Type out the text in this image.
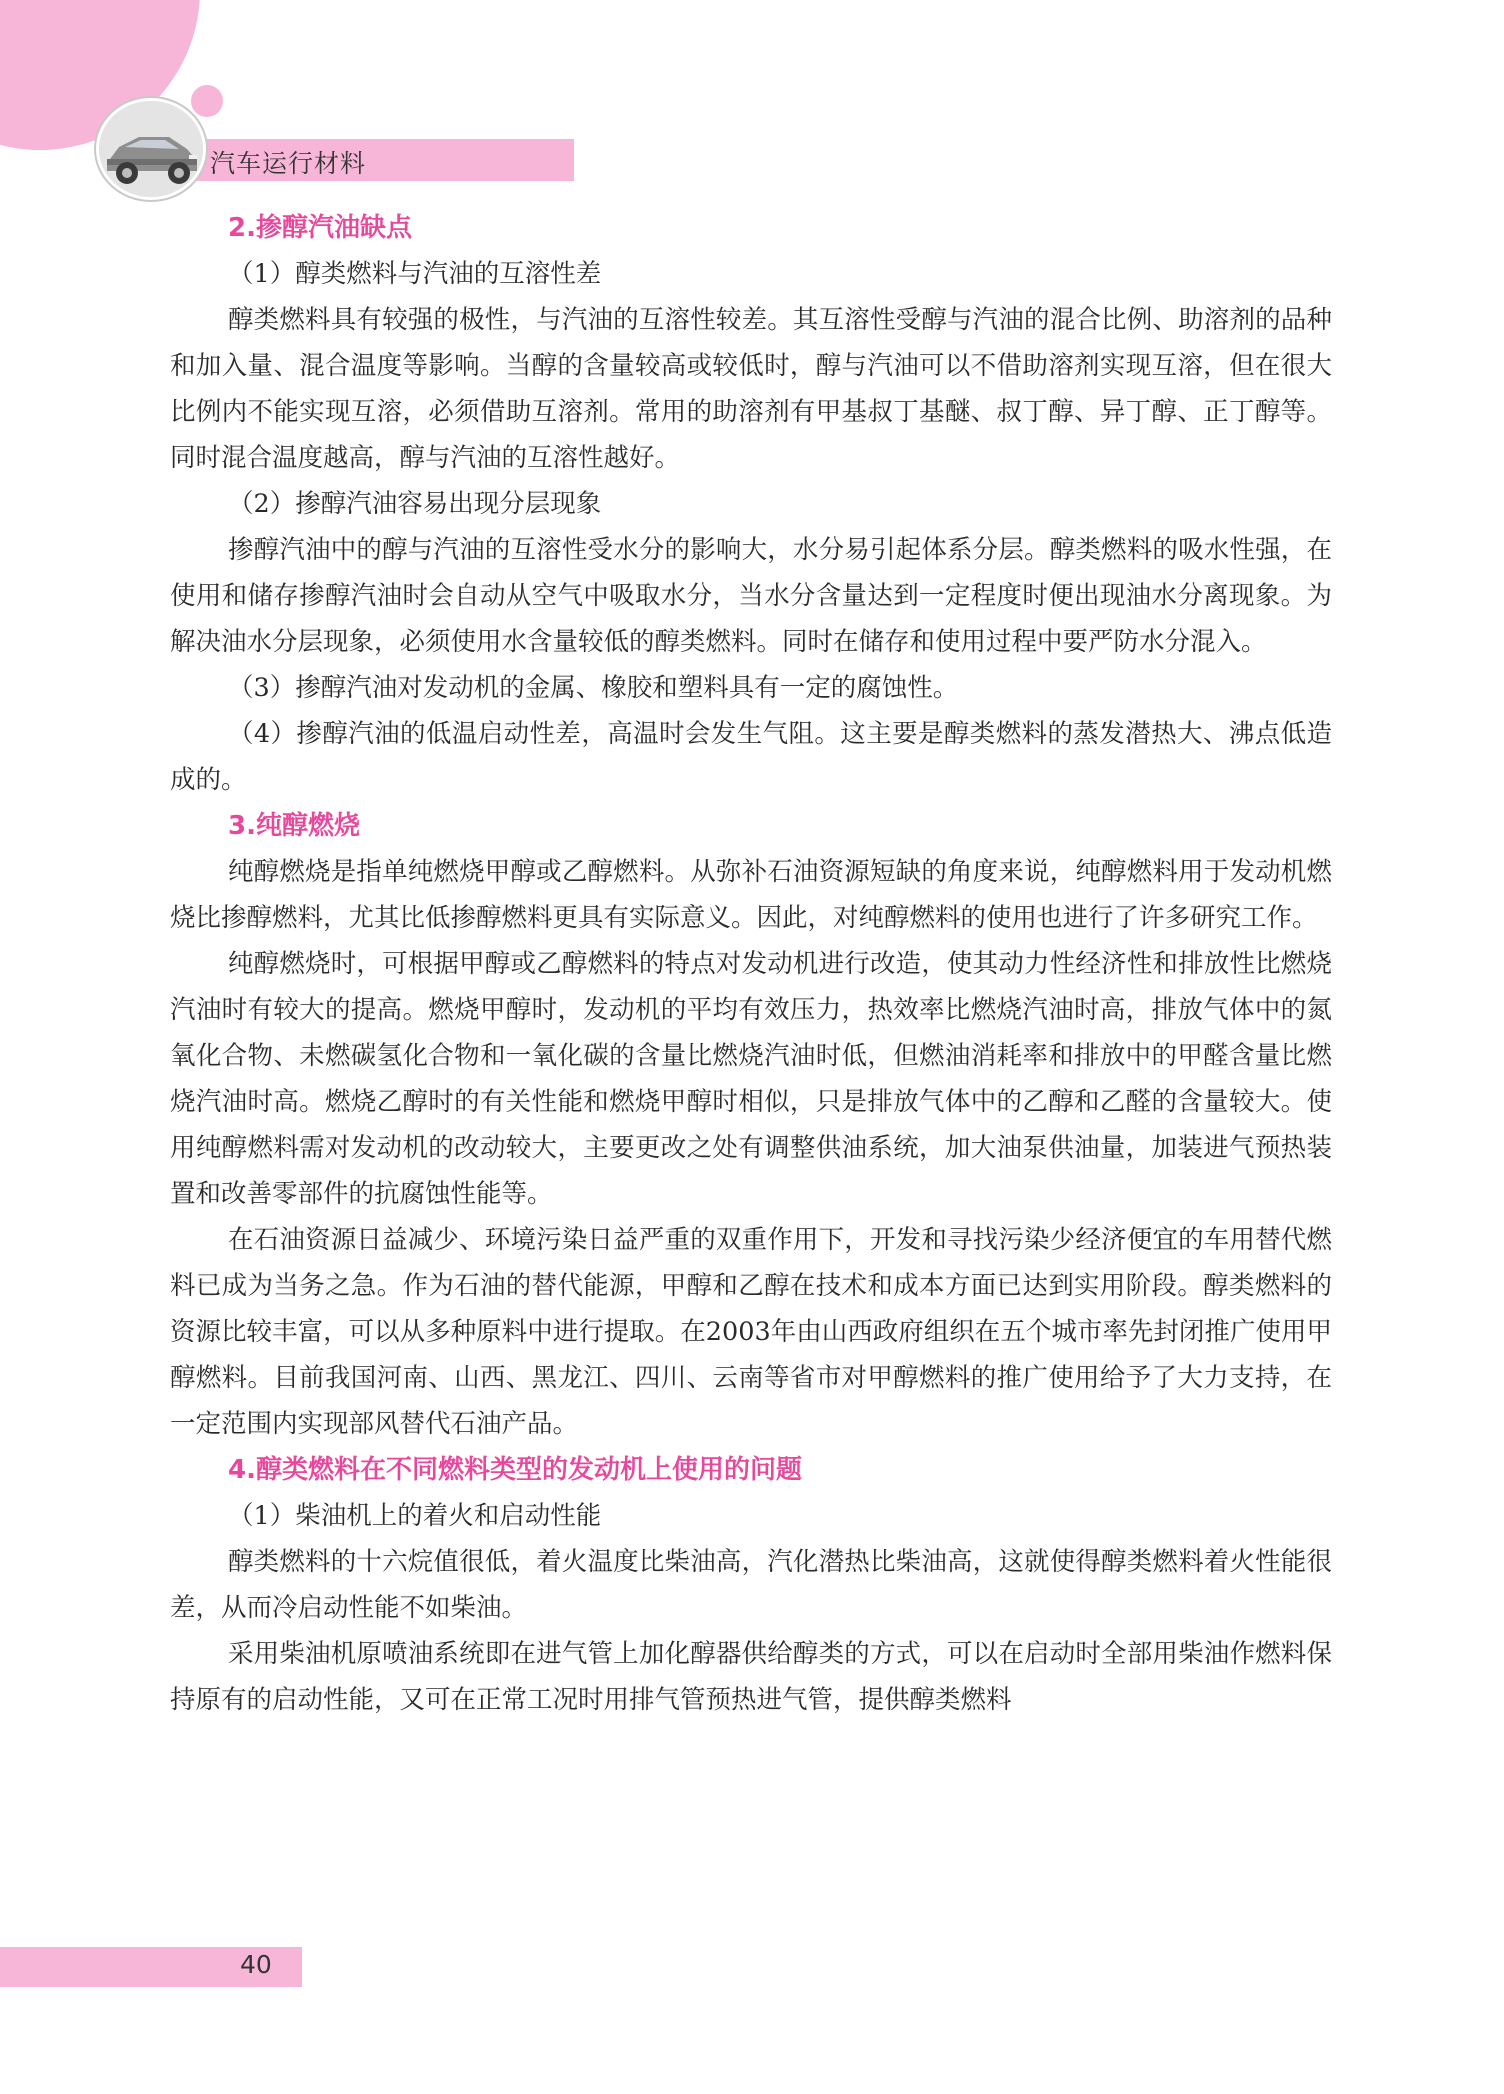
汽车运行材料
2.掺醇汽油缺点

（1）醇类燃料与汽油的互溶性差

醇类燃料具有较强的极性，与汽油的互溶性较差。其互溶性受醇与汽油的混合比例、助溶剂的品种和加入量、混合温度等影响。当醇的含量较高或较低时，醇与汽油可以不借助溶剂实现互溶，但在很大比例内不能实现互溶，必须借助互溶剂。常用的助溶剂有甲基叔丁基醚、叔丁醇、异丁醇、正丁醇等。同时混合温度越高，醇与汽油的互溶性越好。

（2）掺醇汽油容易出现分层现象

掺醇汽油中的醇与汽油的互溶性受水分的影响大，水分易引起体系分层。醇类燃料的吸水性强，在使用和储存掺醇汽油时会自动从空气中吸取水分，当水分含量达到一定程度时便出现油水分离现象。为解决油水分层现象，必须使用水含量较低的醇类燃料。同时在储存和使用过程中要严防水分混入。

（3）掺醇汽油对发动机的金属、橡胶和塑料具有一定的腐蚀性。

（4）掺醇汽油的低温启动性差，高温时会发生气阻。这主要是醇类燃料的蒸发潜热大、沸点低造成的。

3.纯醇燃烧

纯醇燃烧是指单纯燃烧甲醇或乙醇燃料。从弥补石油资源短缺的角度来说，纯醇燃料用于发动机燃烧比掺醇燃料，尤其比低掺醇燃料更具有实际意义。因此，对纯醇燃料的使用也进行了许多研究工作。

纯醇燃烧时，可根据甲醇或乙醇燃料的特点对发动机进行改造，使其动力性经济性和排放性比燃烧汽油时有较大的提高。燃烧甲醇时，发动机的平均有效压力，热效率比燃烧汽油时高，排放气体中的氮氧化合物、未燃碳氢化合物和一氧化碳的含量比燃烧汽油时低，但燃油消耗率和排放中的甲醛含量比燃烧汽油时高。燃烧乙醇时的有关性能和燃烧甲醇时相似，只是排放气体中的乙醇和乙醛的含量较大。使用纯醇燃料需对发动机的改动较大，主要更改之处有调整供油系统，加大油泵供油量，加装进气预热装置和改善零部件的抗腐蚀性能等。

在石油资源日益减少、环境污染日益严重的双重作用下，开发和寻找污染少经济便宜的车用替代燃料已成为当务之急。作为石油的替代能源，甲醇和乙醇在技术和成本方面已达到实用阶段。醇类燃料的资源比较丰富，可以从多种原料中进行提取。在2003年由山西政府组织在五个城市率先封闭推广使用甲醇燃料。目前我国河南、山西、黑龙江、四川、云南等省市对甲醇燃料的推广使用给予了大力支持，在一定范围内实现部风替代石油产品。

4.醇类燃料在不同燃料类型的发动机上使用的问题

（1）柴油机上的着火和启动性能

醇类燃料的十六烷值很低，着火温度比柴油高，汽化潜热比柴油高，这就使得醇类燃料着火性能很差，从而冷启动性能不如柴油。

采用柴油机原喷油系统即在进气管上加化醇器供给醇类的方式，可以在启动时全部用柴油作燃料保持原有的启动性能，又可在正常工况时用排气管预热进气管，提供醇类燃料

40
